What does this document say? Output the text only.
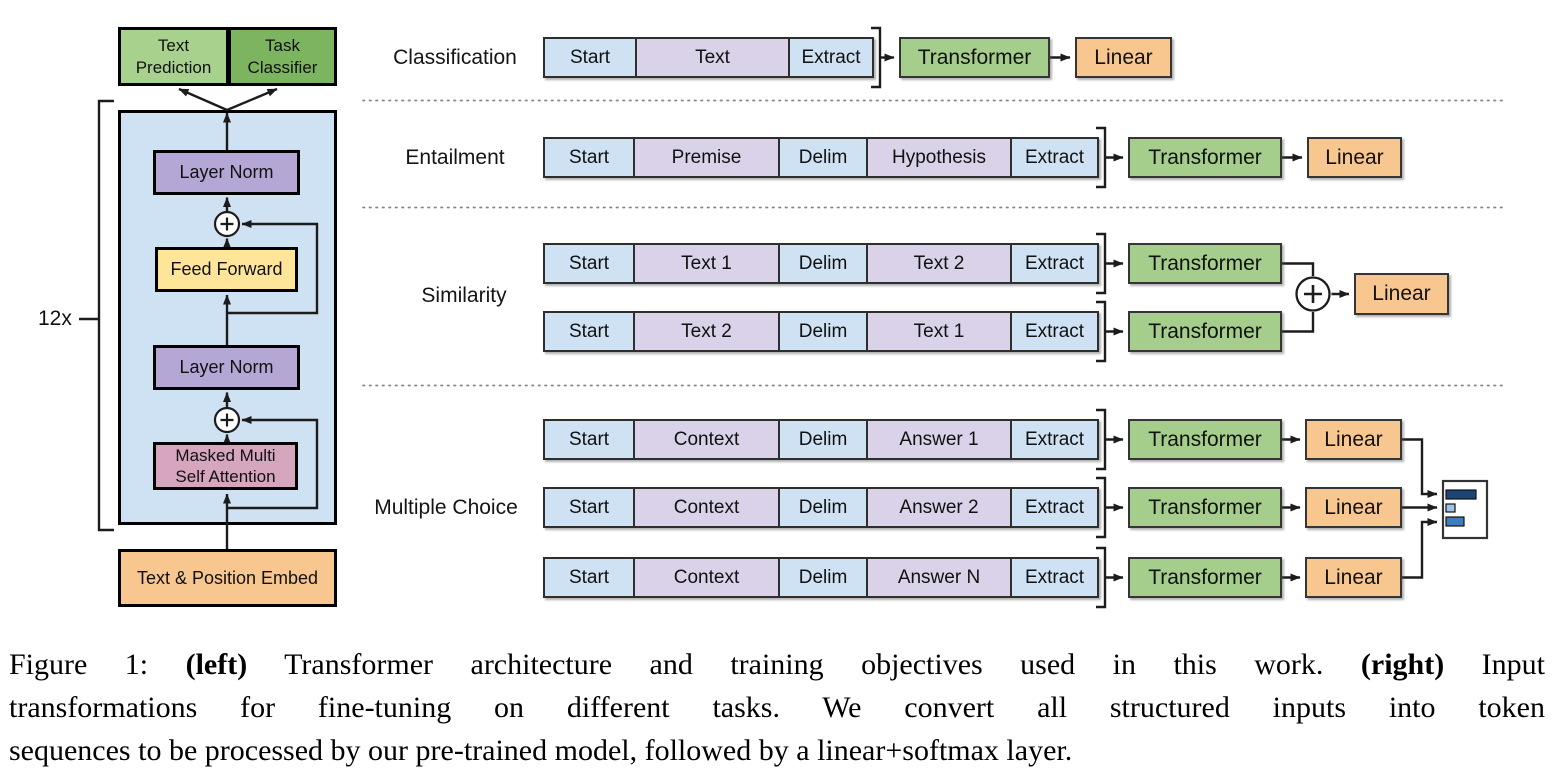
Text Prediction
Task Classifier
12x
Layer Norm
Feed Forward
Layer Norm
Masked Multi
Self Attention
Text & Position Embed
Classification
Entailment
Similarity
Multiple Choice
Start	Text	Extract	Transformer	Linear
Start	Premise	Delim	Hypothesis	Extract	Transformer	Linear
Start	Text 1	Delim	Text 2	Extract	Transformer
Start	Text 2	Delim	Text 1	Extract	Transformer
Start	Context	Delim	Answer 1	Extract	Transformer	Linear
Start	Context	Delim	Answer 2	Extract	Transformer	Linear
Start	Context	Delim	Answer N	Extract	Transformer	Linear
Linear
Figure 1: (left) Transformer architecture and training objectives used in this work. (right) Input
transformations for fine-tuning on different tasks. We convert all structured inputs into token
sequences to be processed by our pre-trained model, followed by a linear+softmax layer.
